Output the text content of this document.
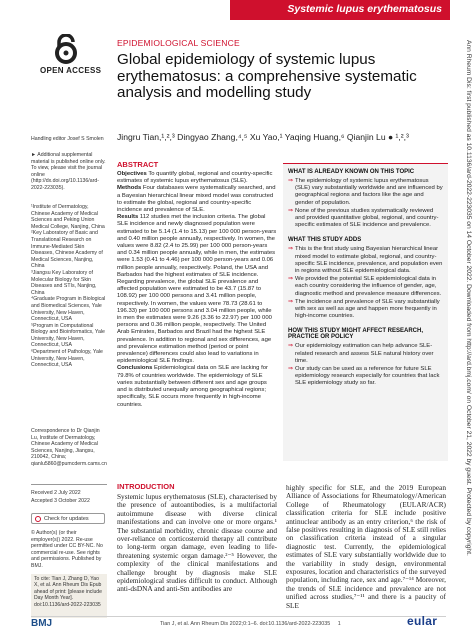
Systemic lupus erythematosus
Ann Rheum Dis: first published as 10.1136/ard-2022-223035 on 14 October 2022. Downloaded from http://ard.bmj.com/ on October 21, 2022 by guest. Protected by copyright.
OPEN ACCESS
Handling editor Josef S Smolen
► Additional supplemental material is published online only. To view, please visit the journal online (http://dx.doi.org/10.1136/ard-2022-223035).
¹Institute of Dermatology, Chinese Academy of Medical Sciences and Peking Union Medical College, Nanjing, China
²Key Laboratory of Basic and Translational Research on Immune-Mediated Skin Diseases, Chinese Academy of Medical Sciences, Nanjing, China
³Jiangsu Key Laboratory of Molecular Biology for Skin Diseases and STIs, Nanjing, China
⁴Graduate Program in Biological and Biomedical Sciences, Yale University, New Haven, Connecticut, USA
⁵Program in Computational Biology and Bioinformatics, Yale University, New Haven, Connecticut, USA
⁶Department of Pathology, Yale University, New Haven, Connecticut, USA
Correspondence to Dr Qianjin Lu, Institute of Dermatology, Chinese Academy of Medical Sciences, Nanjing, Jiangsu, 210042, China; qianlu5860@pumcderm.cams.cn
Received 2 July 2022
Accepted 3 October 2022
Check for updates
© Author(s) (or their employer(s)) 2022. Re-use permitted under CC BY-NC. No commercial re-use. See rights and permissions. Published by BMJ.
To cite: Tian J, Zhang D, Yao X, et al. Ann Rheum Dis Epub ahead of print: [please include Day Month Year]. doi:10.1136/ard-2022-223035
EPIDEMIOLOGICAL SCIENCE
Global epidemiology of systemic lupus erythematosus: a comprehensive systematic analysis and modelling study
Jingru Tian,¹,²,³ Dingyao Zhang,⁴,⁵ Xu Yao,¹ Yaqing Huang,⁶ Qianjin Lu ● ¹,²,³
ABSTRACT
Objectives To quantify global, regional and country-specific estimates of systemic lupus erythematosus (SLE).
Methods Four databases were systematically searched, and a Bayesian hierarchical linear mixed model was constructed to estimate the global, regional and country-specific incidence and prevalence of SLE.
Results 112 studies met the inclusion criteria. The global SLE incidence and newly diagnosed population were estimated to be 5.14 (1.4 to 15.13) per 100 000 person-years and 0.40 million people annually, respectively. In women, the values were 8.82 (2.4 to 25.99) per 100 000 person-years and 0.34 million people annually, while in men, the estimates were 1.53 (0.41 to 4.46) per 100 000 person-years and 0.06 million people annually, respectively. Poland, the USA and Barbados had the highest estimates of SLE incidence. Regarding prevalence, the global SLE prevalence and affected population were estimated to be 43.7 (15.87 to 108.92) per 100 000 persons and 3.41 million people, respectively. In women, the values were 78.73 (28.61 to 196.33) per 100 000 persons and 3.04 million people, while in men the estimates were 9.26 (3.36 to 22.97) per 100 000 persons and 0.36 million people, respectively. The United Arab Emirates, Barbados and Brazil had the highest SLE prevalence. In addition to regional and sex differences, age and prevalence estimation method (period or point prevalence) differences could also lead to variations in epidemiological SLE findings.
Conclusions Epidemiological data on SLE are lacking for 79.8% of countries worldwide. The epidemiology of SLE varies substantially between different sex and age groups and is distributed unequally among geographical regions; specifically, SLE occurs more frequently in high-income countries.
WHAT IS ALREADY KNOWN ON THIS TOPIC
⇒ The epidemiology of systemic lupus erythematosus (SLE) vary substantially worldwide and are influenced by geographical regions and factors like the age and gender of population.
⇒ None of the previous studies systematically reviewed and provided quantitative global, regional, and country-specific estimates of SLE incidence and prevalence.
WHAT THIS STUDY ADDS
⇒ This is the first study using Bayesian hierarchical linear mixed model to estimate global, regional, and country-specific SLE incidence, prevalence, and population even in regions without SLE epidemiological data.
⇒ We provided the potential SLE epidemiological data in each country considering the influence of gender, age, diagnostic method and prevalence measure differences.
⇒ The incidence and prevalence of SLE vary substantially with sex as well as age and happen more frequently in high-income countries.
HOW THIS STUDY MIGHT AFFECT RESEARCH, PRACTICE OR POLICY
⇒ Our epidemiology estimation can help advance SLE-related research and assess SLE natural history over time.
⇒ Our study can be used as a reference for future SLE epidemiology research especially for countries that lack SLE epidemiology study so far.
INTRODUCTION
Systemic lupus erythematosus (SLE), characterised by the presence of autoantibodies, is a multifactorial autoimmune disease with diverse clinical manifestations and can involve one or more organs.¹ The substantial morbidity, chronic disease course and over-reliance on corticosteroid therapy all contribute to long-term organ damage, even leading to life-threatening systemic organ damage.²⁻⁵ However, the complexity of the clinical manifestations and challenge brought by diagnosis make SLE epidemiological studies difficult to conduct. Although anti-dsDNA and anti-Sm antibodies are
highly specific for SLE, and the 2019 European Alliance of Associations for Rheumatology/American College of Rheumatology (EULAR/ACR) classification criteria for SLE include positive antinuclear antibody as an entry criterion,⁶ the risk of false positives resulting in diagnosis of SLE still relies on classification criteria instead of a singular diagnostic test. Currently, the epidemiological estimates of SLE vary substantially worldwide due to the variability in study design, environmental exposures, location and characteristics of the surveyed population, including race, sex and age.⁷⁻¹⁴ Moreover, the trends of SLE incidence and prevalence are not unified across studies,⁷⁻¹¹ and there is a paucity of SLE
BMJ	Tian J, et al. Ann Rheum Dis 2022;0:1–6. doi:10.1136/ard-2022-223035 1	eular
